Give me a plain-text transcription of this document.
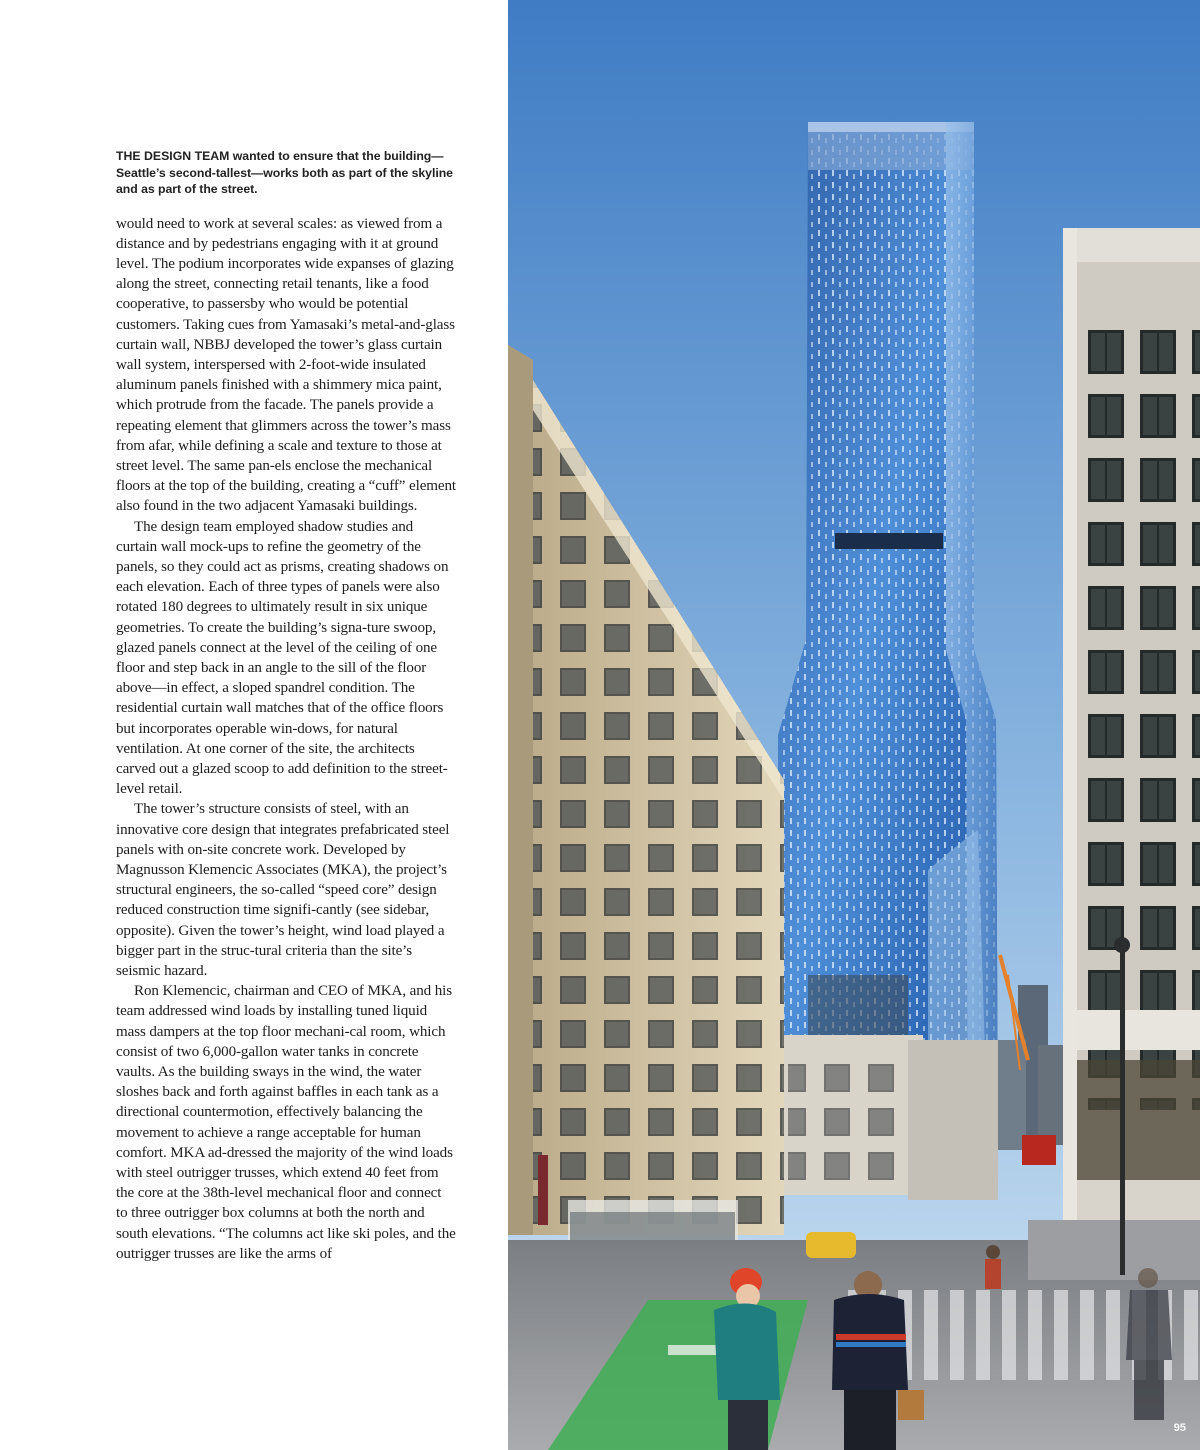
THE DESIGN TEAM wanted to ensure that the building—Seattle’s second-tallest—works both as part of the skyline and as part of the street.

would need to work at several scales: as viewed from a distance and by pedestrians engaging with it at ground level. The podium incorporates wide expanses of glazing along the street, connecting retail tenants, like a food cooperative, to passersby who would be potential customers. Taking cues from Yamasaki’s metal-and-glass curtain wall, NBBJ developed the tower’s glass curtain wall system, interspersed with 2-foot-wide insulated aluminum panels finished with a shimmery mica paint, which protrude from the facade. The panels provide a repeating element that glimmers across the tower’s mass from afar, while defining a scale and texture to those at street level. The same pan-els enclose the mechanical floors at the top of the building, creating a “cuff” element also found in the two adjacent Yamasaki buildings.

The design team employed shadow studies and curtain wall mock-ups to refine the geometry of the panels, so they could act as prisms, creating shadows on each elevation. Each of three types of panels were also rotated 180 degrees to ultimately result in six unique geometries. To create the building’s signa-ture swoop, glazed panels connect at the level of the ceiling of one floor and step back in an angle to the sill of the floor above—in effect, a sloped spandrel condition. The residential curtain wall matches that of the office floors but incorporates operable win-dows, for natural ventilation. At one corner of the site, the architects carved out a glazed scoop to add definition to the street-level retail.

The tower’s structure consists of steel, with an innovative core design that integrates prefabricated steel panels with on-site concrete work. Developed by Magnusson Klemencic Associates (MKA), the project’s structural engineers, the so-called “speed core” design reduced construction time signifi-cantly (see sidebar, opposite). Given the tower’s height, wind load played a bigger part in the struc-tural criteria than the site’s seismic hazard.

Ron Klemencic, chairman and CEO of MKA, and his team addressed wind loads by installing tuned liquid mass dampers at the top floor mechani-cal room, which consist of two 6,000-gallon water tanks in concrete vaults. As the building sways in the wind, the water sloshes back and forth against baffles in each tank as a directional countermotion, effectively balancing the movement to achieve a range acceptable for human comfort. MKA ad-dressed the majority of the wind loads with steel outrigger trusses, which extend 40 feet from the core at the 38th-level mechanical floor and connect to three outrigger box columns at both the north and south elevations. “The columns act like ski poles, and the outrigger trusses are like the arms of

95
